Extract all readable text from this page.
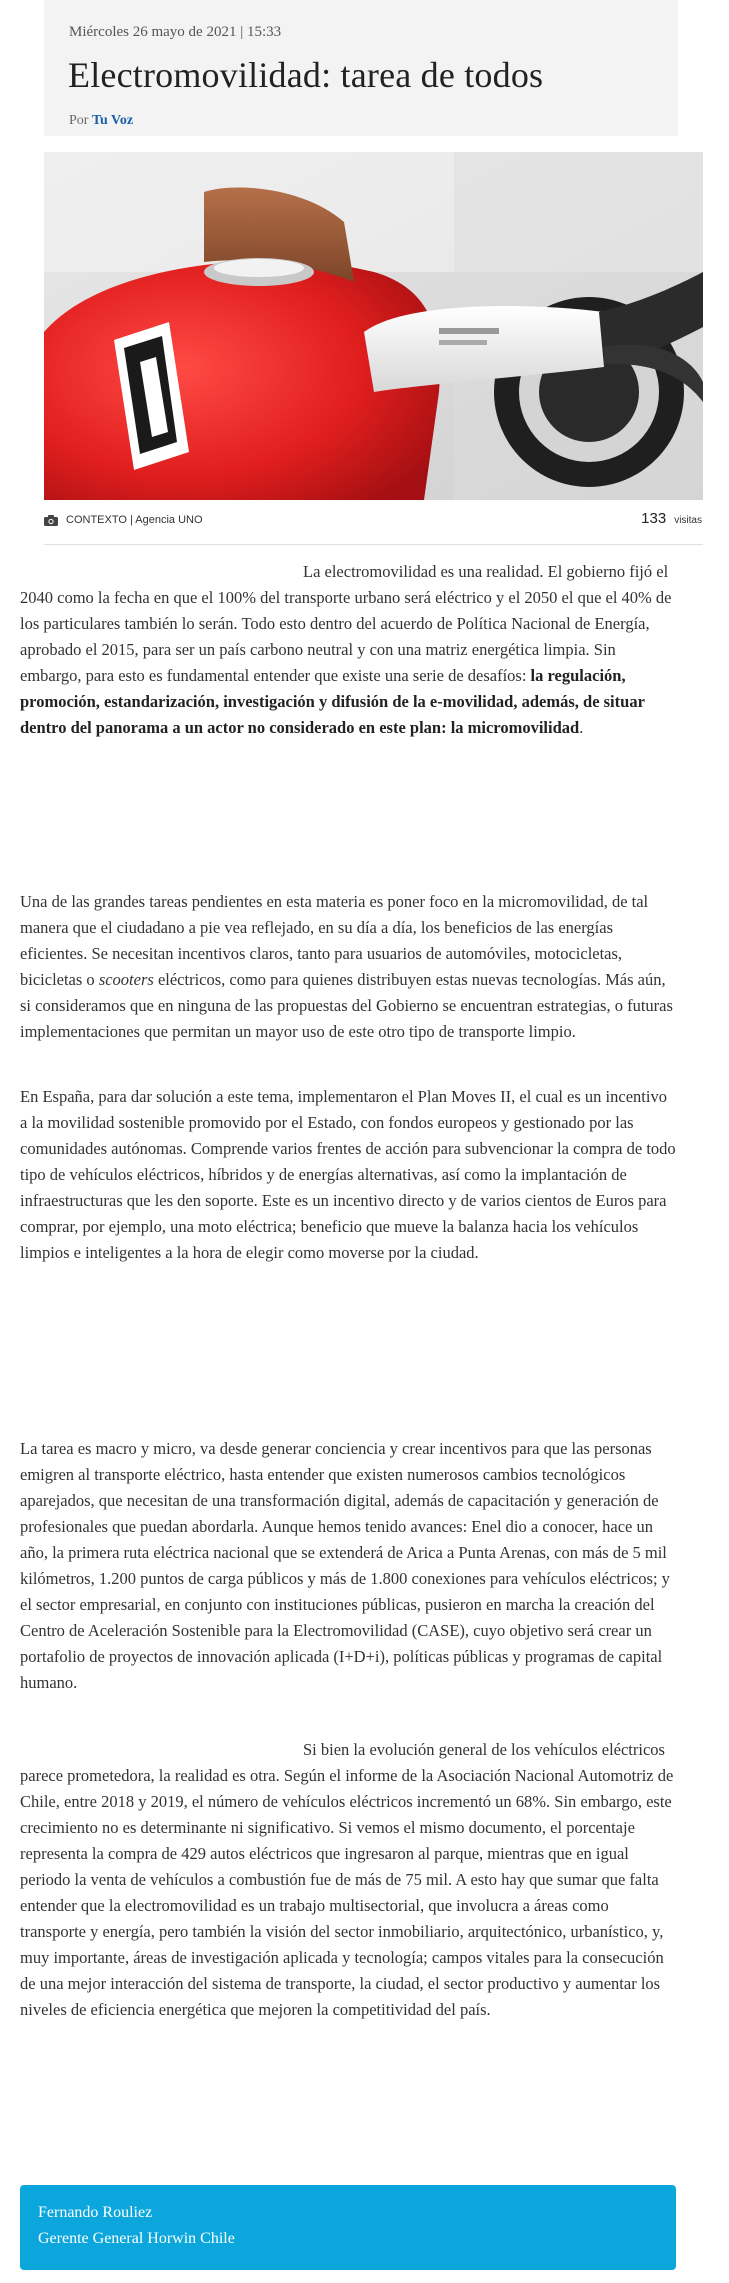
Miércoles 26 mayo de 2021 | 15:33
Electromovilidad: tarea de todos
Por Tu Voz
CONTEXTO | Agencia UNO	133 visitas
La electromovilidad es una realidad. El gobierno fijó el 2040 como la fecha en que el 100% del transporte urbano será eléctrico y el 2050 el que el 40% de los particulares también lo serán. Todo esto dentro del acuerdo de Política Nacional de Energía, aprobado el 2015, para ser un país carbono neutral y con una matriz energética limpia. Sin embargo, para esto es fundamental entender que existe una serie de desafíos: la regulación, promoción, estandarización, investigación y difusión de la e-movilidad, además, de situar dentro del panorama a un actor no considerado en este plan: la micromovilidad.
Una de las grandes tareas pendientes en esta materia es poner foco en la micromovilidad, de tal manera que el ciudadano a pie vea reflejado, en su día a día, los beneficios de las energías eficientes. Se necesitan incentivos claros, tanto para usuarios de automóviles, motocicletas, bicicletas o scooters eléctricos, como para quienes distribuyen estas nuevas tecnologías. Más aún, si consideramos que en ninguna de las propuestas del Gobierno se encuentran estrategias, o futuras implementaciones que permitan un mayor uso de este otro tipo de transporte limpio.
En España, para dar solución a este tema, implementaron el Plan Moves II, el cual es un incentivo a la movilidad sostenible promovido por el Estado, con fondos europeos y gestionado por las comunidades autónomas. Comprende varios frentes de acción para subvencionar la compra de todo tipo de vehículos eléctricos, híbridos y de energías alternativas, así como la implantación de infraestructuras que les den soporte. Este es un incentivo directo y de varios cientos de Euros para comprar, por ejemplo, una moto eléctrica; beneficio que mueve la balanza hacia los vehículos limpios e inteligentes a la hora de elegir como moverse por la ciudad.
La tarea es macro y micro, va desde generar conciencia y crear incentivos para que las personas emigren al transporte eléctrico, hasta entender que existen numerosos cambios tecnológicos aparejados, que necesitan de una transformación digital, además de capacitación y generación de profesionales que puedan abordarla. Aunque hemos tenido avances: Enel dio a conocer, hace un año, la primera ruta eléctrica nacional que se extenderá de Arica a Punta Arenas, con más de 5 mil kilómetros, 1.200 puntos de carga públicos y más de 1.800 conexiones para vehículos eléctricos; y el sector empresarial, en conjunto con instituciones públicas, pusieron en marcha la creación del Centro de Aceleración Sostenible para la Electromovilidad (CASE), cuyo objetivo será crear un portafolio de proyectos de innovación aplicada (I+D+i), políticas públicas y programas de capital humano.
Si bien la evolución general de los vehículos eléctricos parece prometedora, la realidad es otra. Según el informe de la Asociación Nacional Automotriz de Chile, entre 2018 y 2019, el número de vehículos eléctricos incrementó un 68%. Sin embargo, este crecimiento no es determinante ni significativo. Si vemos el mismo documento, el porcentaje representa la compra de 429 autos eléctricos que ingresaron al parque, mientras que en igual periodo la venta de vehículos a combustión fue de más de 75 mil. A esto hay que sumar que falta entender que la electromovilidad es un trabajo multisectorial, que involucra a áreas como transporte y energía, pero también la visión del sector inmobiliario, arquitectónico, urbanístico, y, muy importante, áreas de investigación aplicada y tecnología; campos vitales para la consecución de una mejor interacción del sistema de transporte, la ciudad, el sector productivo y aumentar los niveles de eficiencia energética que mejoren la competitividad del país.
Fernando Rouliez
Gerente General Horwin Chile
